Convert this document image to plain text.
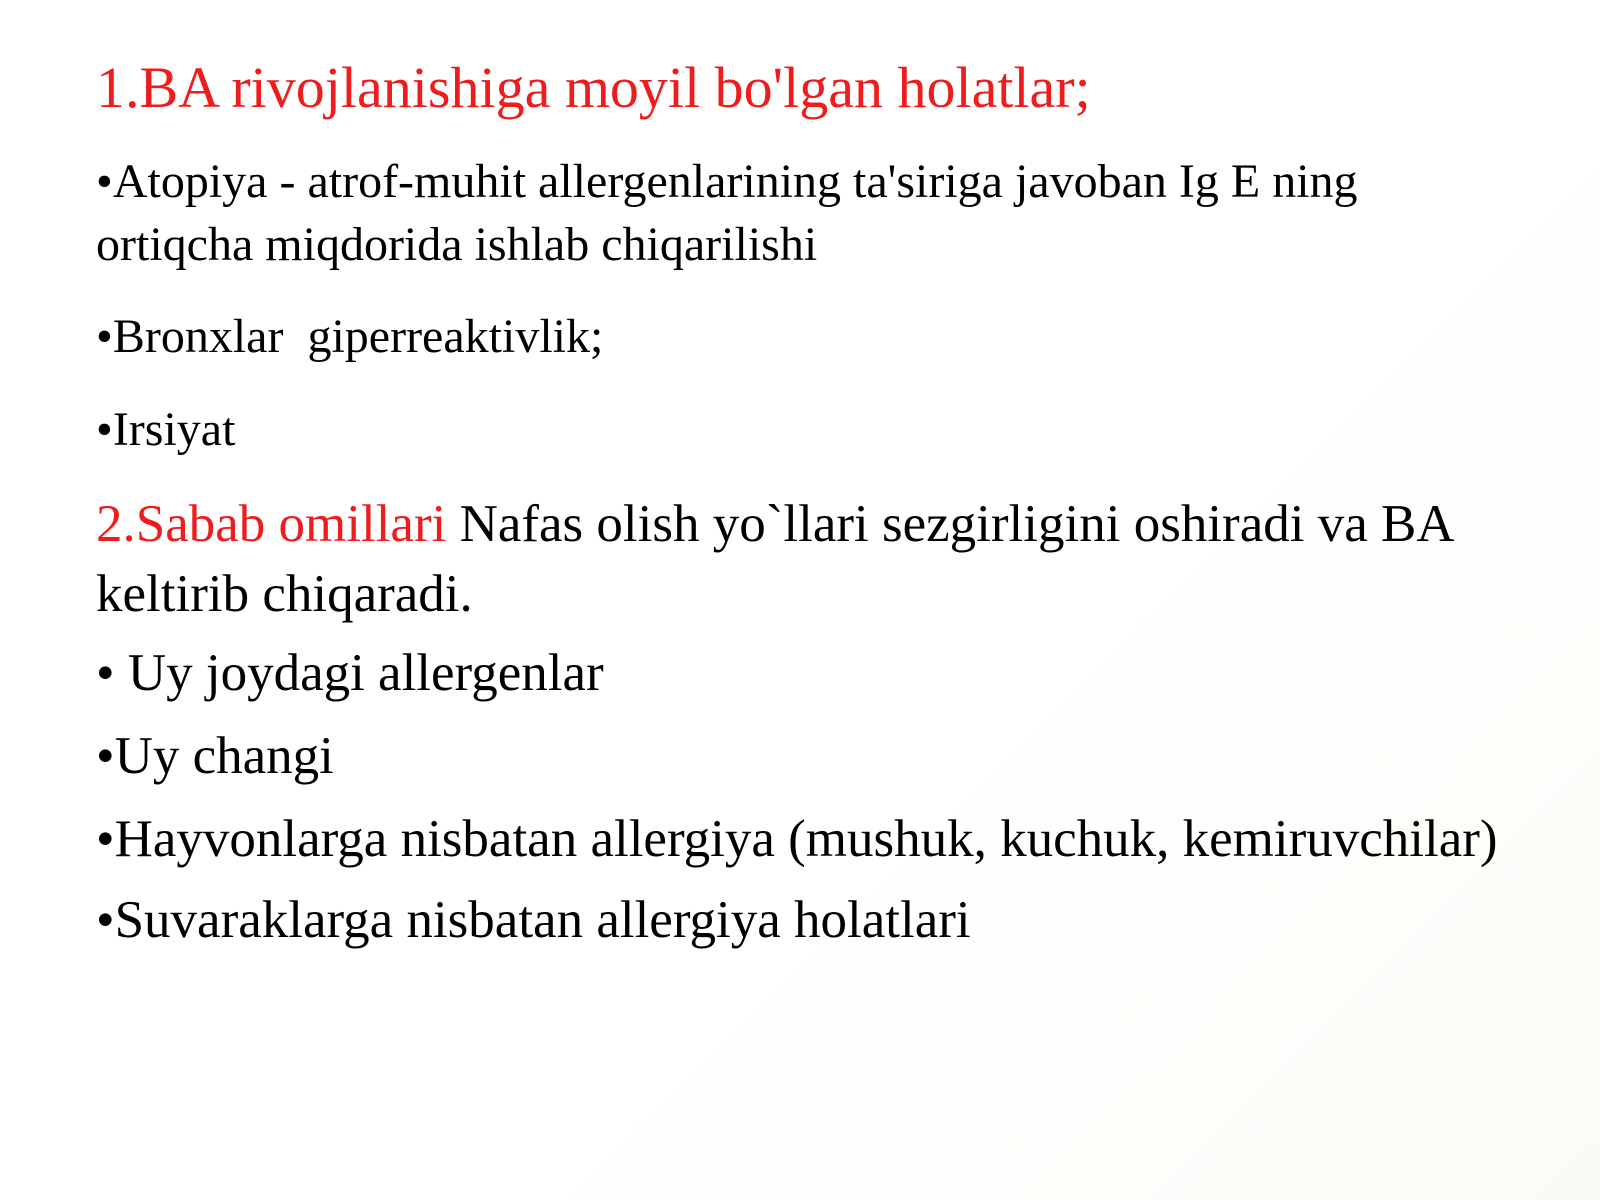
1.BA rivojlanishiga moyil bo'lgan holatlar;
•Atopiya - atrof-muhit allergenlarining ta'siriga javoban Ig E ning ortiqcha miqdorida ishlab chiqarilishi
•Bronxlar  giperreaktivlik;
•Irsiyat

2.Sabab omillari Nafas olish yo`llari sezgirligini oshiradi va BA keltirib chiqaradi.

• Uy joydagi allergenlar
•Uy changi
•Hayvonlarga nisbatan allergiya (mushuk, kuchuk, kemiruvchilar)
•Suvaraklarga nisbatan allergiya holatlari
